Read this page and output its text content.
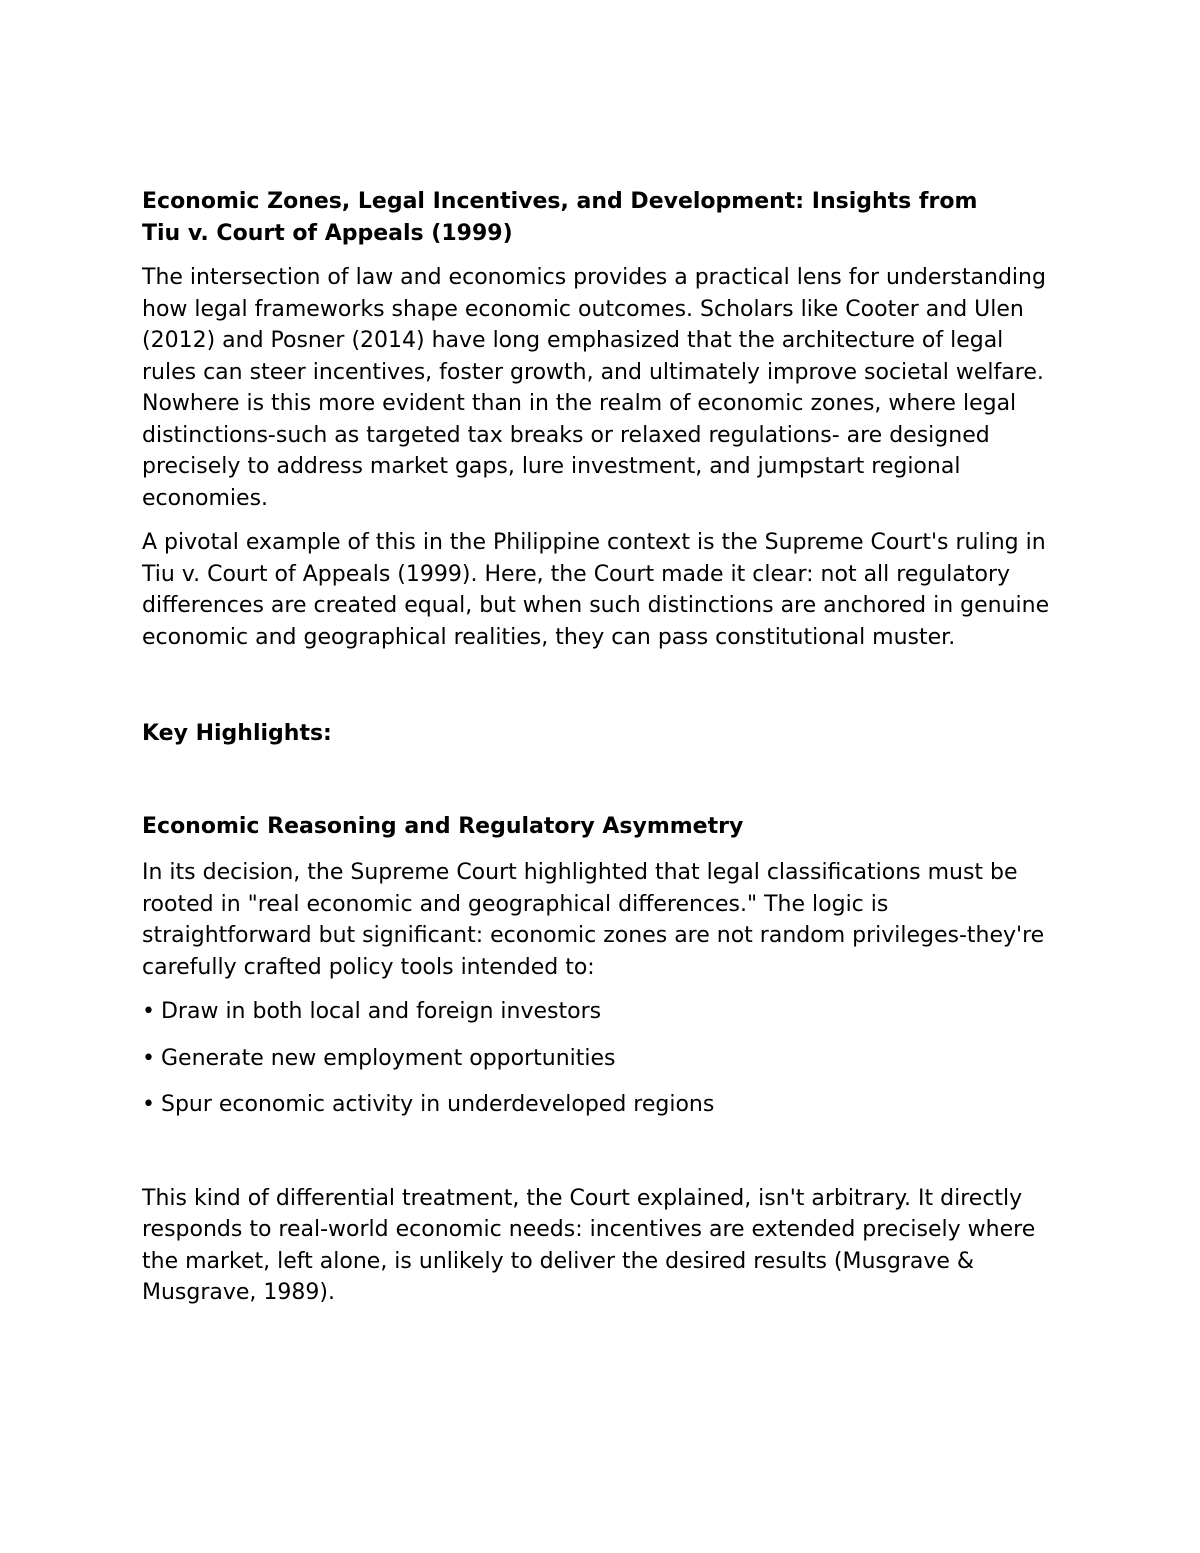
Economic Zones, Legal Incentives, and Development: Insights from
Tiu v. Court of Appeals (1999)

The intersection of law and economics provides a practical lens for understanding how legal frameworks shape economic outcomes. Scholars like Cooter and Ulen (2012) and Posner (2014) have long emphasized that the architecture of legal rules can steer incentives, foster growth, and ultimately improve societal welfare. Nowhere is this more evident than in the realm of economic zones, where legal distinctions-such as targeted tax breaks or relaxed regulations- are designed precisely to address market gaps, lure investment, and jumpstart regional economies.

A pivotal example of this in the Philippine context is the Supreme Court's ruling in Tiu v. Court of Appeals (1999). Here, the Court made it clear: not all regulatory differences are created equal, but when such distinctions are anchored in genuine economic and geographical realities, they can pass constitutional muster.

Key Highlights:
Economic Reasoning and Regulatory Asymmetry

In its decision, the Supreme Court highlighted that legal classifications must be rooted in "real economic and geographical differences." The logic is straightforward but significant: economic zones are not random privileges-they're carefully crafted policy tools intended to:

• Draw in both local and foreign investors
• Generate new employment opportunities
• Spur economic activity in underdeveloped regions

This kind of differential treatment, the Court explained, isn't arbitrary. It directly responds to real-world economic needs: incentives are extended precisely where the market, left alone, is unlikely to deliver the desired results (Musgrave & Musgrave, 1989).
